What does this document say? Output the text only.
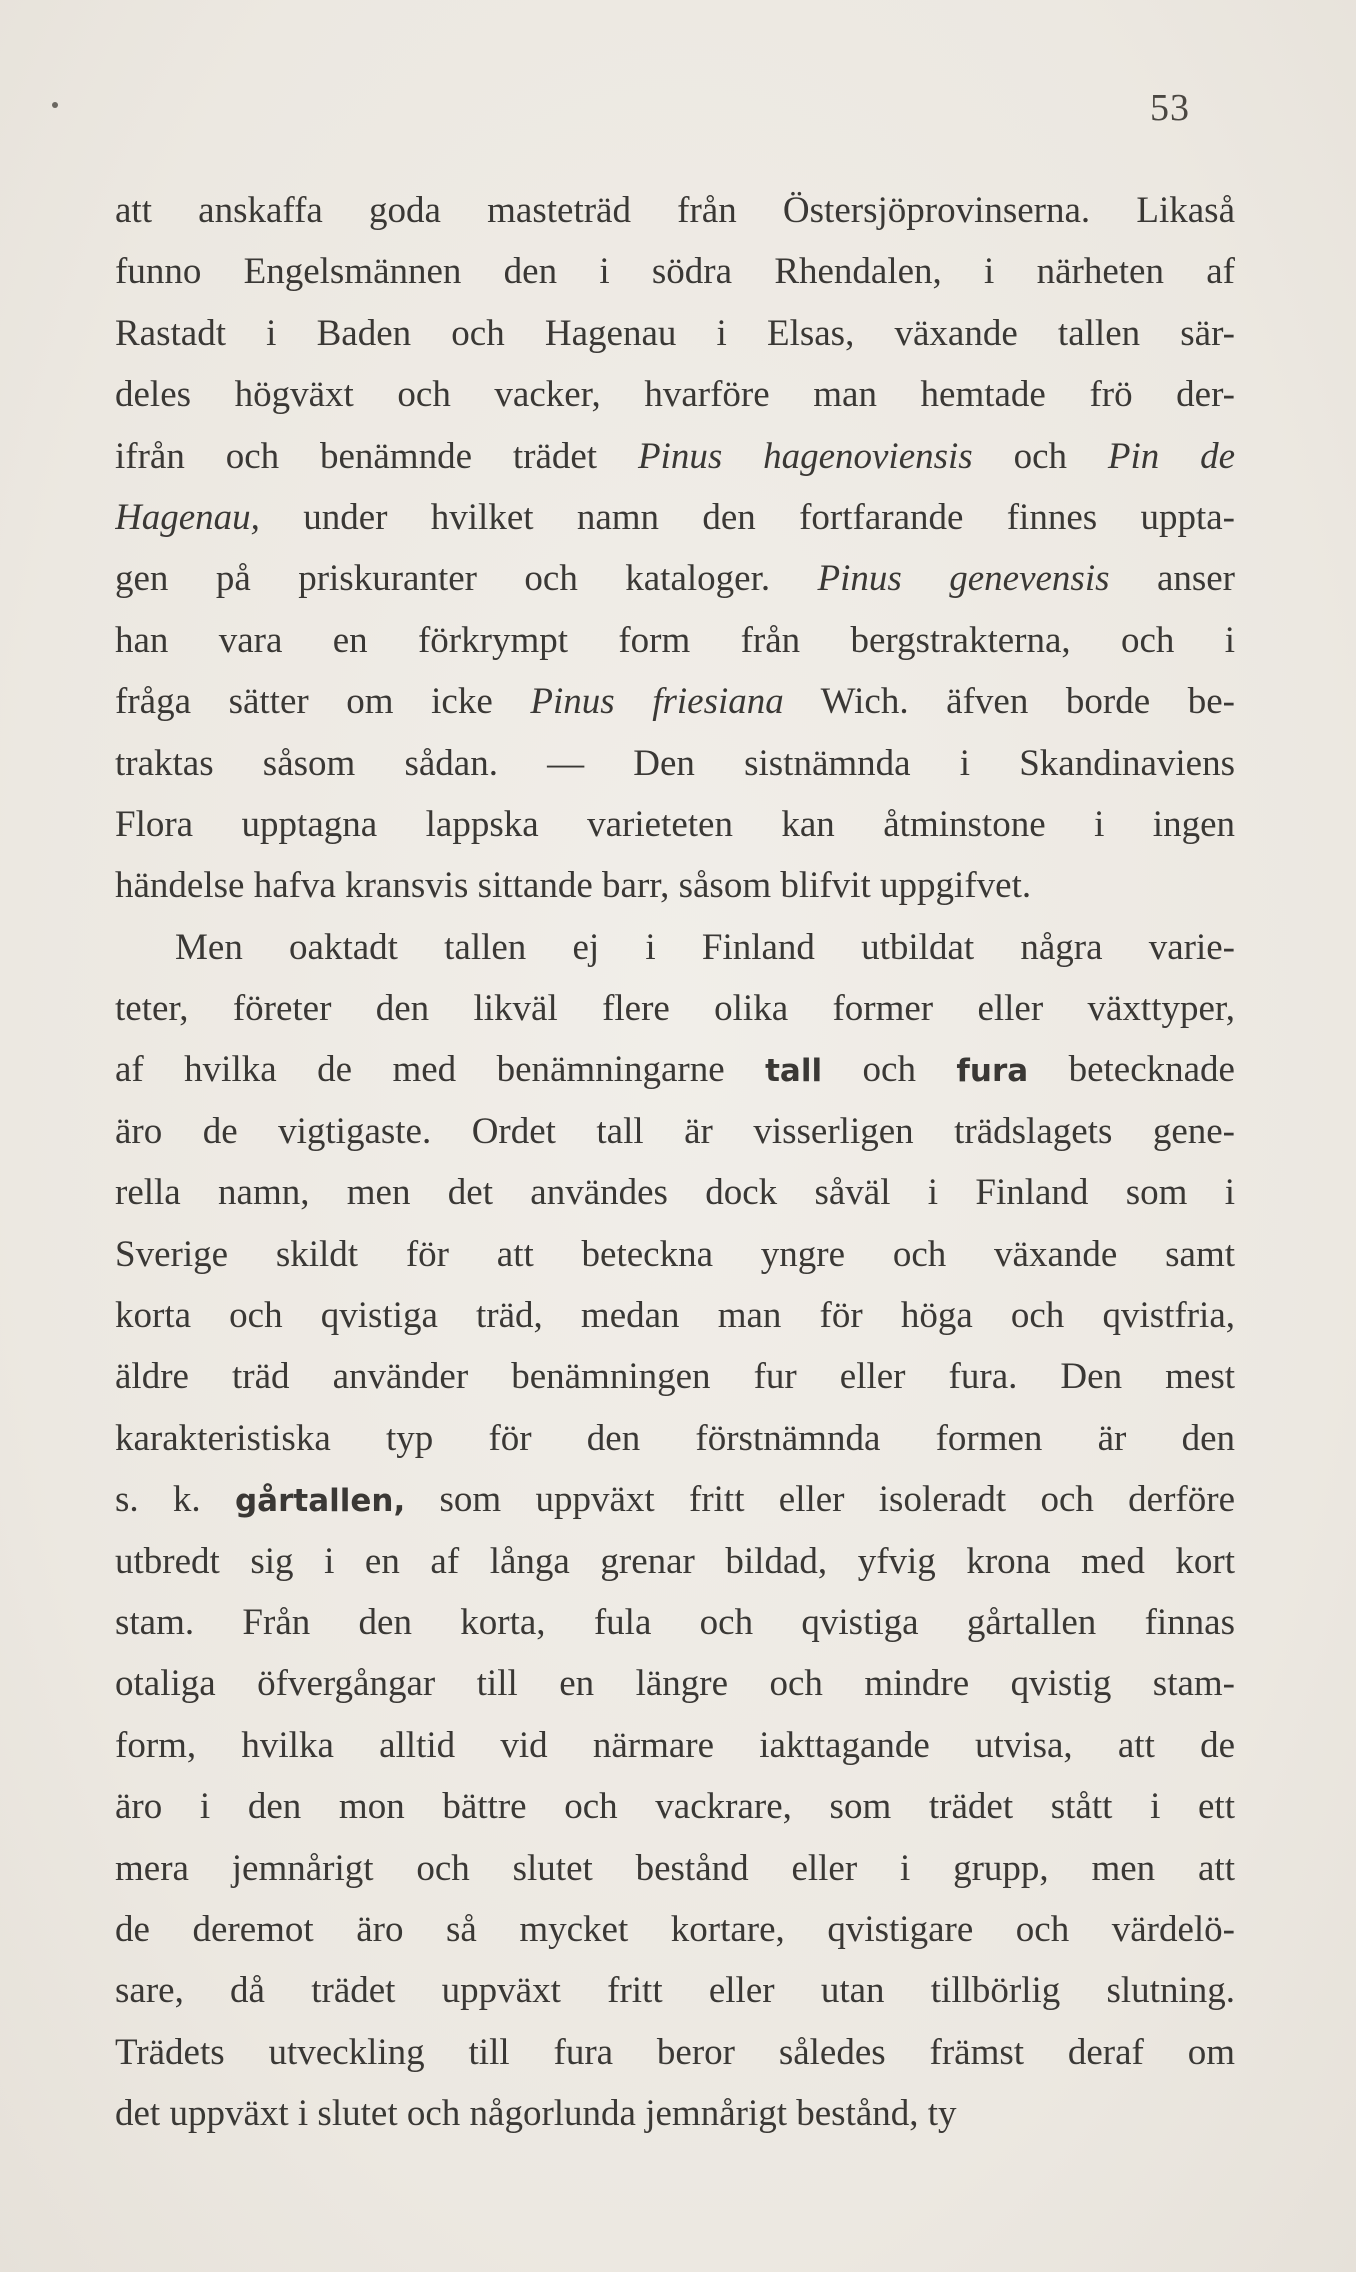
53
att anskaffa goda masteträd från Östersjöprovinserna. Likaså
funno Engelsmännen den i södra Rhendalen, i närheten af
Rastadt i Baden och Hagenau i Elsas, växande tallen sär-
deles högväxt och vacker, hvarföre man hemtade frö der-
ifrån och benämnde trädet Pinus hagenoviensis och Pin de
Hagenau, under hvilket namn den fortfarande finnes uppta-
gen på priskuranter och kataloger. Pinus genevensis anser
han vara en förkrympt form från bergstrakterna, och i
fråga sätter om icke Pinus friesiana Wich. äfven borde be-
traktas såsom sådan. — Den sistnämnda i Skandinaviens
Flora upptagna lappska varieteten kan åtminstone i ingen
händelse hafva kransvis sittande barr, såsom blifvit uppgifvet.
Men oaktadt tallen ej i Finland utbildat några varie-
teter, företer den likväl flere olika former eller växttyper,
af hvilka de med benämningarne tall och fura betecknade
äro de vigtigaste. Ordet tall är visserligen trädslagets gene-
rella namn, men det användes dock såväl i Finland som i
Sverige skildt för att beteckna yngre och växande samt
korta och qvistiga träd, medan man för höga och qvistfria,
äldre träd använder benämningen fur eller fura. Den mest
karakteristiska typ för den förstnämnda formen är den
s. k. gårtallen, som uppväxt fritt eller isoleradt och derföre
utbredt sig i en af långa grenar bildad, yfvig krona med kort
stam. Från den korta, fula och qvistiga gårtallen finnas
otaliga öfvergångar till en längre och mindre qvistig stam-
form, hvilka alltid vid närmare iakttagande utvisa, att de
äro i den mon bättre och vackrare, som trädet stått i ett
mera jemnårigt och slutet bestånd eller i grupp, men att
de deremot äro så mycket kortare, qvistigare och värdelö-
sare, då trädet uppväxt fritt eller utan tillbörlig slutning.
Trädets utveckling till fura beror således främst deraf om
det uppväxt i slutet och någorlunda jemnårigt bestånd, ty
